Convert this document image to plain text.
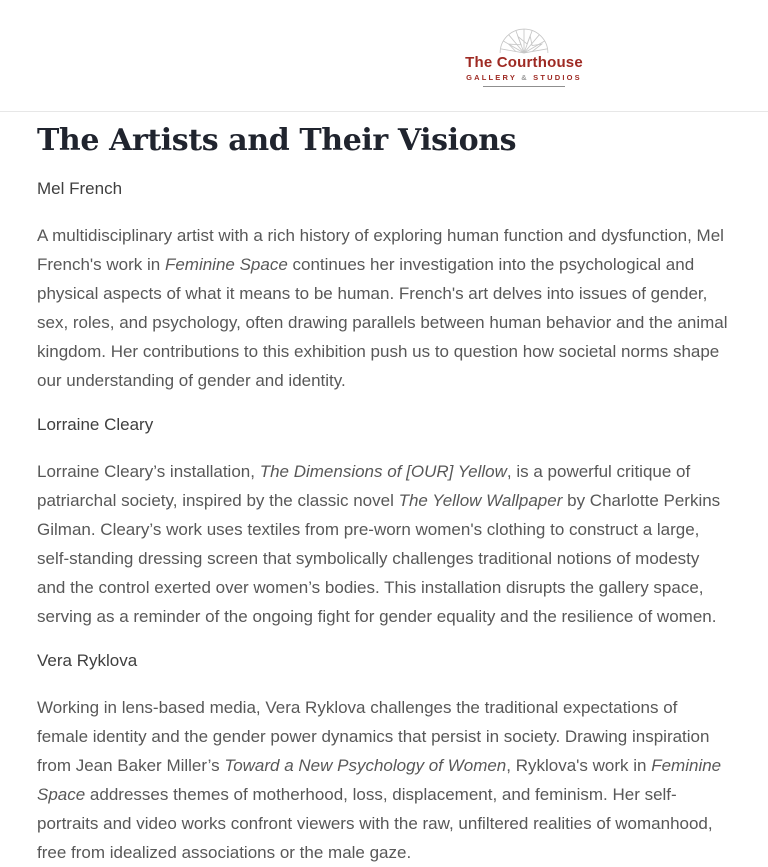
The Courthouse
GALLERY & STUDIOS
The Artists and Their Visions
Mel French

A multidisciplinary artist with a rich history of exploring human function and dysfunction, Mel French's work in Feminine Space continues her investigation into the psychological and physical aspects of what it means to be human. French's art delves into issues of gender, sex, roles, and psychology, often drawing parallels between human behavior and the animal kingdom. Her contributions to this exhibition push us to question how societal norms shape our understanding of gender and identity.

Lorraine Cleary

Lorraine Cleary’s installation, The Dimensions of [OUR] Yellow, is a powerful critique of patriarchal society, inspired by the classic novel The Yellow Wallpaper by Charlotte Perkins Gilman. Cleary’s work uses textiles from pre-worn women's clothing to construct a large, self-standing dressing screen that symbolically challenges traditional notions of modesty and the control exerted over women’s bodies. This installation disrupts the gallery space, serving as a reminder of the ongoing fight for gender equality and the resilience of women.

Vera Ryklova

Working in lens-based media, Vera Ryklova challenges the traditional expectations of female identity and the gender power dynamics that persist in society. Drawing inspiration from Jean Baker Miller’s Toward a New Psychology of Women, Ryklova's work in Feminine Space addresses themes of motherhood, loss, displacement, and feminism. Her self-portraits and video works confront viewers with the raw, unfiltered realities of womanhood, free from idealized associations or the male gaze.
